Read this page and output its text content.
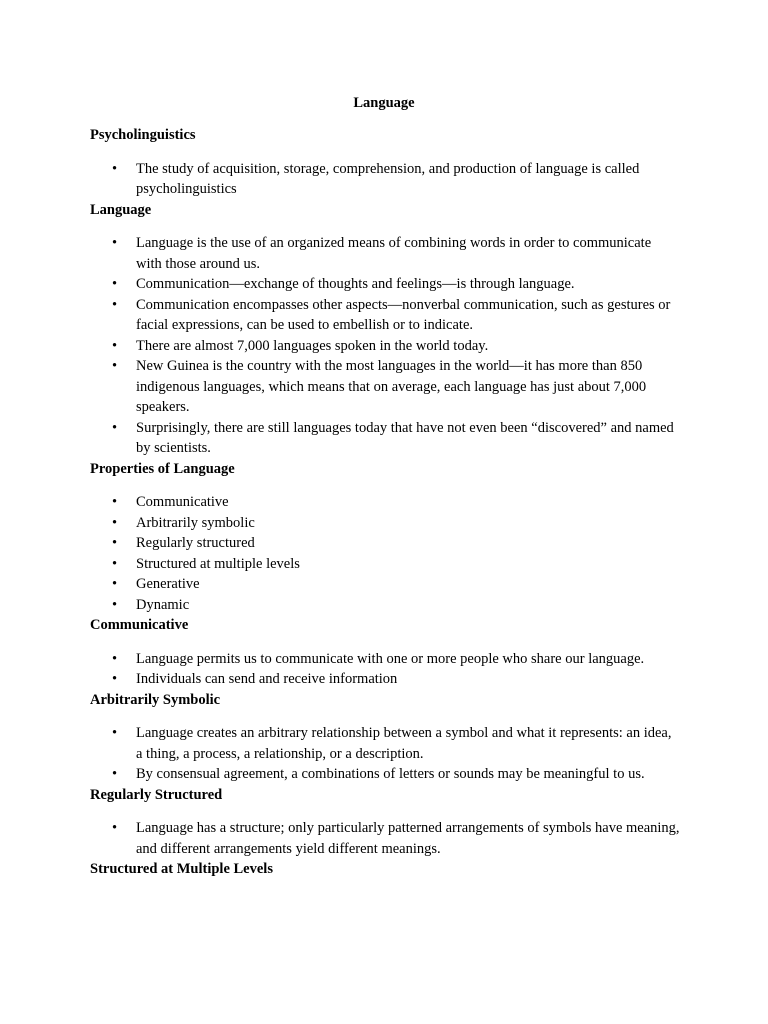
Language
Psycholinguistics
• The study of acquisition, storage, comprehension, and production of language is called psycholinguistics
Language
• Language is the use of an organized means of combining words in order to communicate with those around us.
• Communication—exchange of thoughts and feelings—is through language.
• Communication encompasses other aspects—nonverbal communication, such as gestures or facial expressions, can be used to embellish or to indicate.
• There are almost 7,000 languages spoken in the world today.
• New Guinea is the country with the most languages in the world—it has more than 850 indigenous languages, which means that on average, each language has just about 7,000 speakers.
• Surprisingly, there are still languages today that have not even been “discovered” and named by scientists.
Properties of Language
• Communicative
• Arbitrarily symbolic
• Regularly structured
• Structured at multiple levels
• Generative
• Dynamic
Communicative
• Language permits us to communicate with one or more people who share our language.
• Individuals can send and receive information
Arbitrarily Symbolic
• Language creates an arbitrary relationship between a symbol and what it represents: an idea, a thing, a process, a relationship, or a description.
• By consensual agreement, a combinations of letters or sounds may be meaningful to us.
Regularly Structured
• Language has a structure; only particularly patterned arrangements of symbols have meaning, and different arrangements yield different meanings.
Structured at Multiple Levels
